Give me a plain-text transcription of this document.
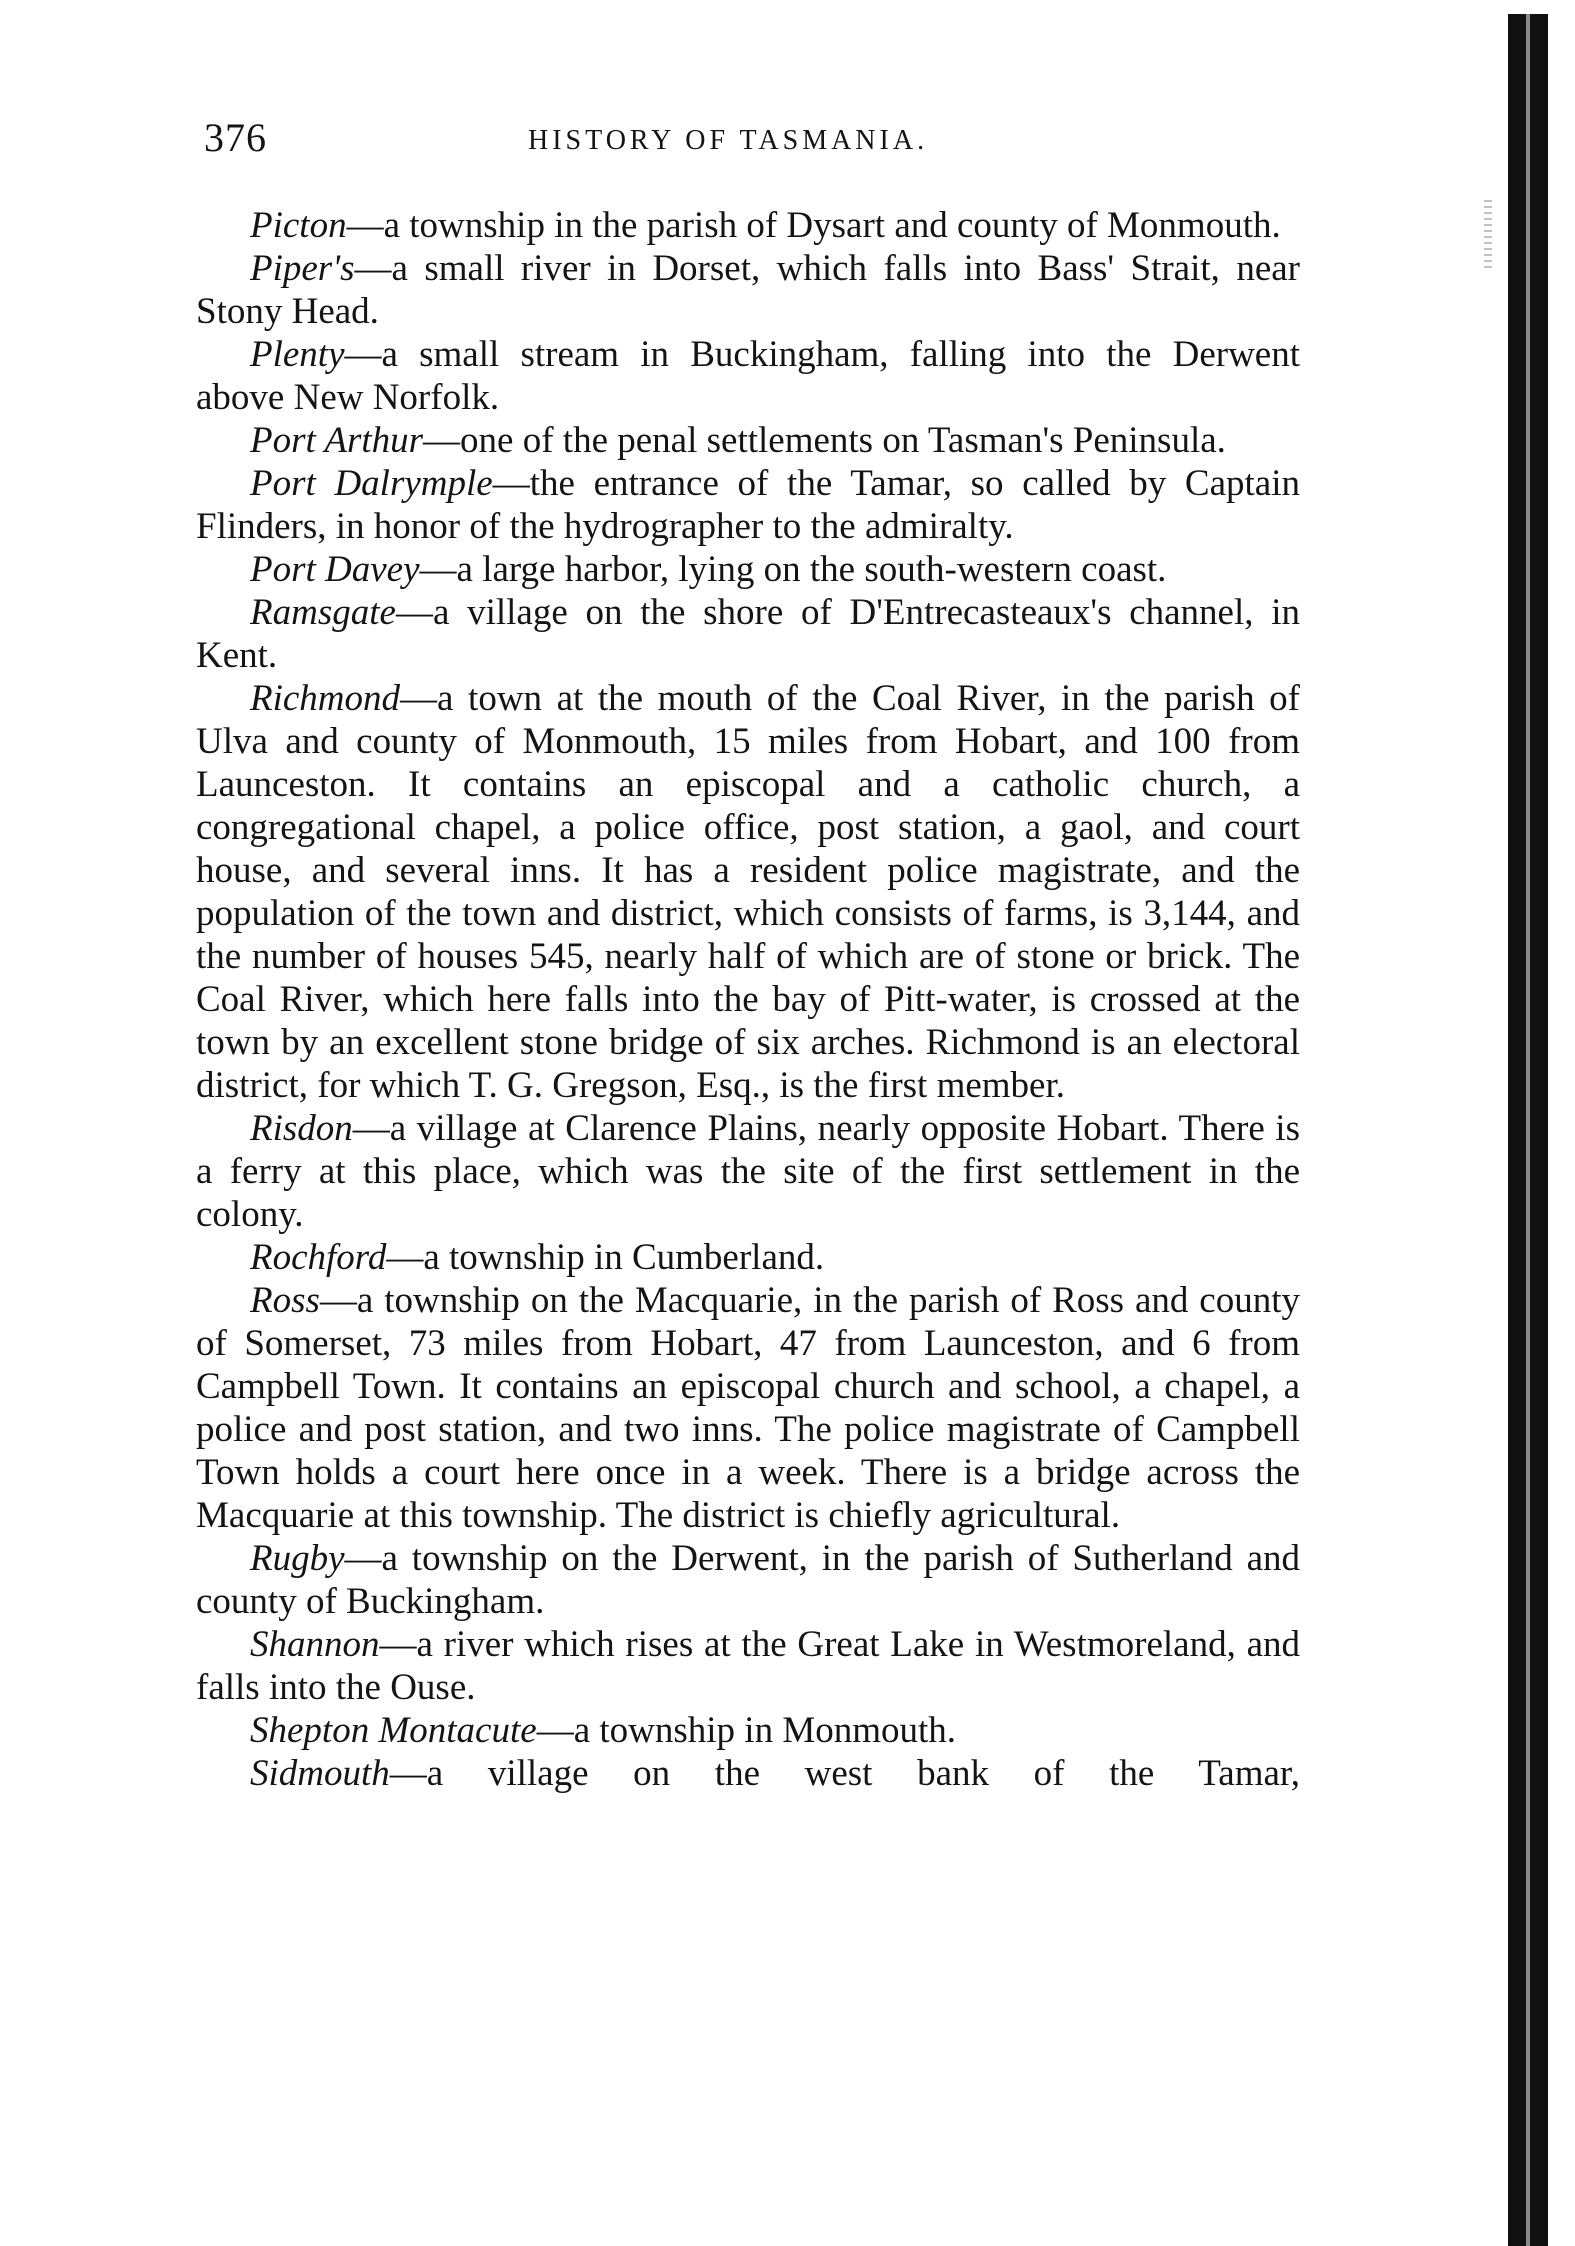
376	HISTORY OF TASMANIA.

Picton—a township in the parish of Dysart and county of Monmouth.

Piper's—a small river in Dorset, which falls into Bass' Strait, near Stony Head.

Plenty—a small stream in Buckingham, falling into the Derwent above New Norfolk.

Port Arthur—one of the penal settlements on Tasman's Peninsula.

Port Dalrymple—the entrance of the Tamar, so called by Captain Flinders, in honor of the hydrographer to the admiralty.

Port Davey—a large harbor, lying on the south-western coast.

Ramsgate—a village on the shore of D'Entrecasteaux's channel, in Kent.

Richmond—a town at the mouth of the Coal River, in the parish of Ulva and county of Monmouth, 15 miles from Hobart, and 100 from Launceston. It contains an episcopal and a catholic church, a congregational chapel, a police office, post station, a gaol, and court house, and several inns. It has a resident police magistrate, and the population of the town and district, which consists of farms, is 3,144, and the number of houses 545, nearly half of which are of stone or brick. The Coal River, which here falls into the bay of Pitt-water, is crossed at the town by an excellent stone bridge of six arches. Richmond is an electoral district, for which T. G. Gregson, Esq., is the first member.

Risdon—a village at Clarence Plains, nearly opposite Hobart. There is a ferry at this place, which was the site of the first settlement in the colony.

Rochford—a township in Cumberland.

Ross—a township on the Macquarie, in the parish of Ross and county of Somerset, 73 miles from Hobart, 47 from Launceston, and 6 from Campbell Town. It contains an episcopal church and school, a chapel, a police and post station, and two inns. The police magistrate of Campbell Town holds a court here once in a week. There is a bridge across the Macquarie at this township. The district is chiefly agricultural.

Rugby—a township on the Derwent, in the parish of Sutherland and county of Buckingham.

Shannon—a river which rises at the Great Lake in Westmoreland, and falls into the Ouse.

Shepton Montacute—a township in Monmouth.

Sidmouth—a village on the west bank of the Tamar,
